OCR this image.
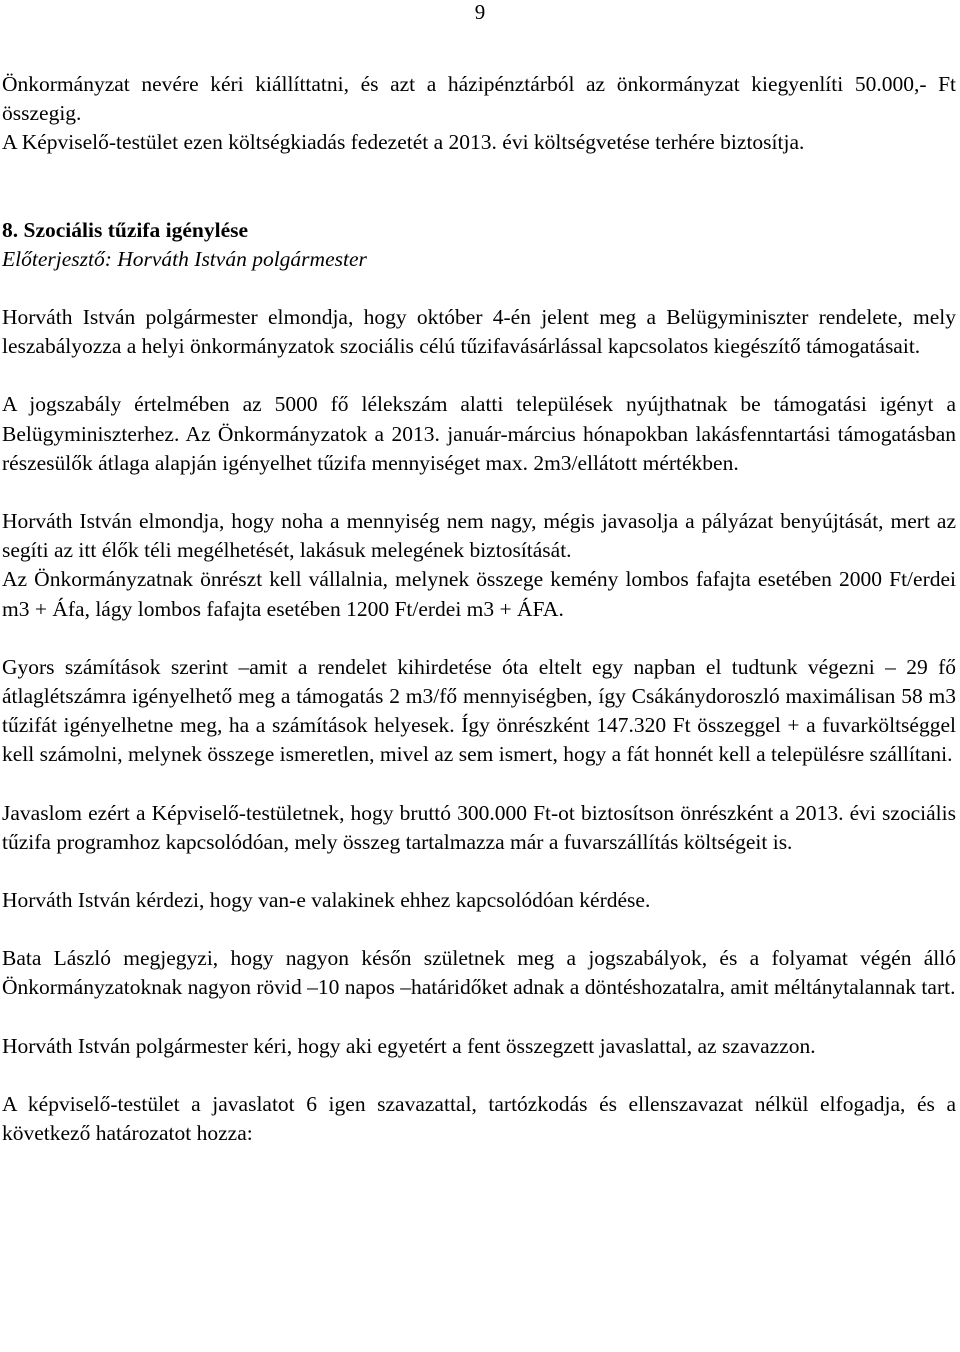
9

Önkormányzat nevére kéri kiállíttatni, és azt a házipénztárból az önkormányzat kiegyenlíti 50.000,- Ft összegig.

A Képviselő-testület ezen költségkiadás fedezetét a 2013. évi költségvetése terhére biztosítja.

8. Szociális tűzifa igénylése

Előterjesztő: Horváth István polgármester

Horváth István polgármester elmondja, hogy október 4-én jelent meg a Belügyminiszter rendelete, mely leszabályozza a helyi önkormányzatok szociális célú tűzifavásárlással kapcsolatos kiegészítő támogatásait.

A jogszabály értelmében az 5000 fő lélekszám alatti települések nyújthatnak be támogatási igényt a Belügyminiszterhez. Az Önkormányzatok a 2013. január-március hónapokban lakásfenntartási támogatásban részesülők átlaga alapján igényelhet tűzifa mennyiséget max. 2m3/ellátott mértékben.

Horváth István elmondja, hogy noha a mennyiség nem nagy, mégis javasolja a pályázat benyújtását, mert az segíti az itt élők téli megélhetését, lakásuk melegének biztosítását.

Az Önkormányzatnak önrészt kell vállalnia, melynek összege kemény lombos fafajta esetében 2000 Ft/erdei m3 + Áfa, lágy lombos fafajta esetében 1200 Ft/erdei m3 + ÁFA.

Gyors számítások szerint –amit a rendelet kihirdetése óta eltelt egy napban el tudtunk végezni – 29 fő átlaglétszámra igényelhető meg a támogatás 2 m3/fő mennyiségben, így Csákánydoroszló maximálisan 58 m3 tűzifát igényelhetne meg, ha a számítások helyesek. Így önrészként 147.320 Ft összeggel + a fuvarköltséggel kell számolni, melynek összege ismeretlen, mivel az sem ismert, hogy a fát honnét kell a településre szállítani.

Javaslom ezért a Képviselő-testületnek, hogy bruttó 300.000 Ft-ot biztosítson önrészként a 2013. évi szociális tűzifa programhoz kapcsolódóan, mely összeg tartalmazza már a fuvarszállítás költségeit is.

Horváth István kérdezi, hogy van-e valakinek ehhez kapcsolódóan kérdése.

Bata László megjegyzi, hogy nagyon későn születnek meg a jogszabályok, és a folyamat végén álló Önkormányzatoknak nagyon rövid –10 napos –határidőket adnak a döntéshozatalra, amit méltánytalannak tart.

Horváth István polgármester kéri, hogy aki egyetért a fent összegzett javaslattal, az szavazzon.

A képviselő-testület a javaslatot 6 igen szavazattal, tartózkodás és ellenszavazat nélkül elfogadja, és a következő határozatot hozza:
